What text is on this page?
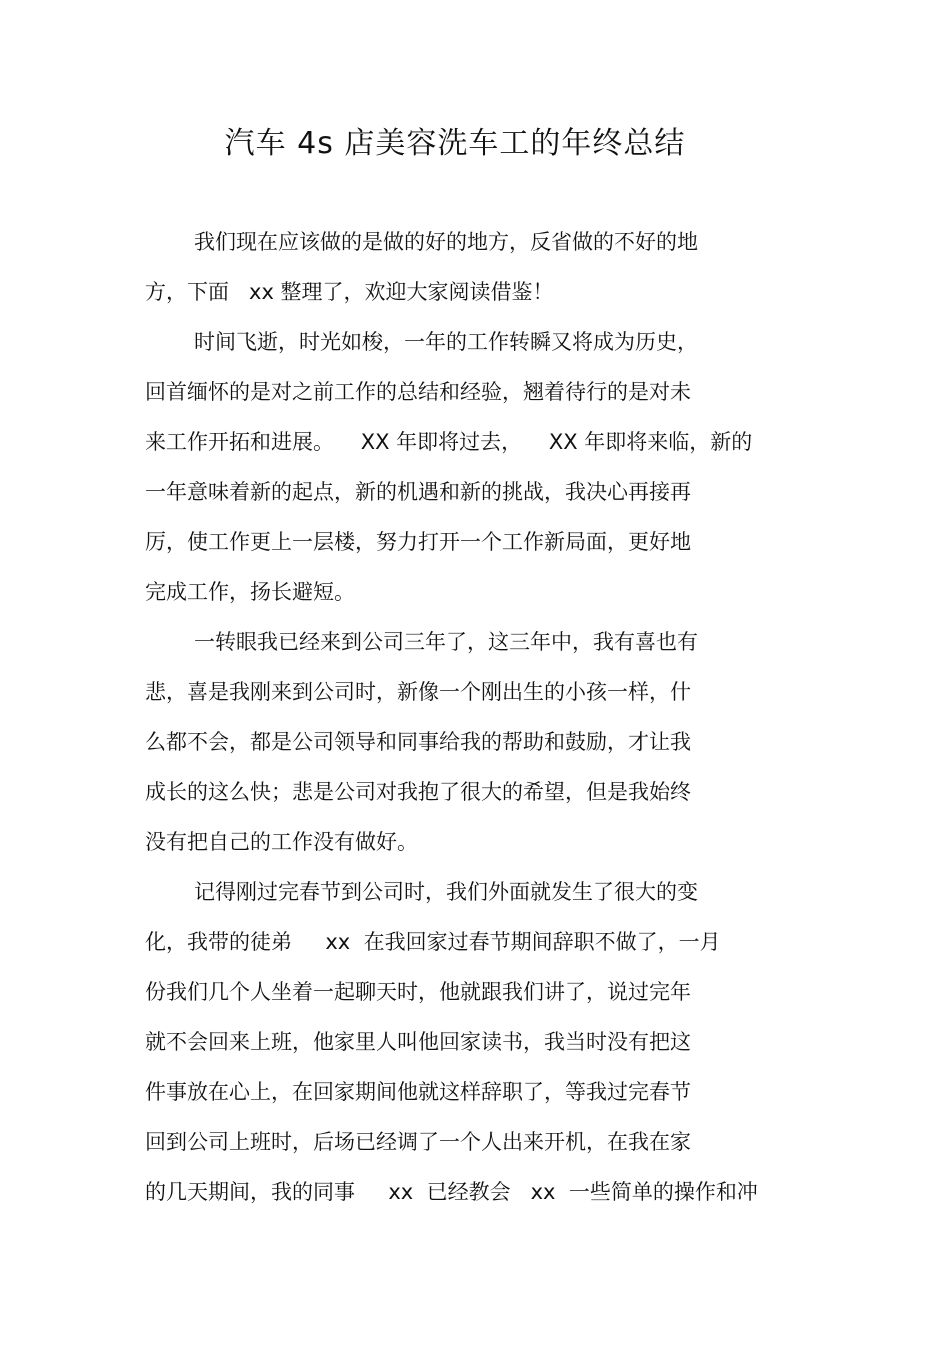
汽车 4s 店美容洗车工的年终总结
我们现在应该做的是做的好的地方，反省做的不好的地
方，下面   xx 整理了，欢迎大家阅读借鉴！
时间飞逝，时光如梭，一年的工作转瞬又将成为历史，
回首缅怀的是对之前工作的总结和经验，翘着待行的是对未
来工作开拓和进展。    XX 年即将过去，    XX 年即将来临，新的
一年意味着新的起点，新的机遇和新的挑战，我决心再接再
厉，使工作更上一层楼，努力打开一个工作新局面，更好地
完成工作，扬长避短。
一转眼我已经来到公司三年了，这三年中，我有喜也有
悲，喜是我刚来到公司时，新像一个刚出生的小孩一样，什
么都不会，都是公司领导和同事给我的帮助和鼓励，才让我
成长的这么快；悲是公司对我抱了很大的希望，但是我始终
没有把自己的工作没有做好。
记得刚过完春节到公司时，我们外面就发生了很大的变
化，我带的徒弟     xx  在我回家过春节期间辞职不做了，一月
份我们几个人坐着一起聊天时，他就跟我们讲了，说过完年
就不会回来上班，他家里人叫他回家读书，我当时没有把这
件事放在心上，在回家期间他就这样辞职了，等我过完春节
回到公司上班时，后场已经调了一个人出来开机，在我在家
的几天期间，我的同事     xx  已经教会   xx  一些简单的操作和冲
